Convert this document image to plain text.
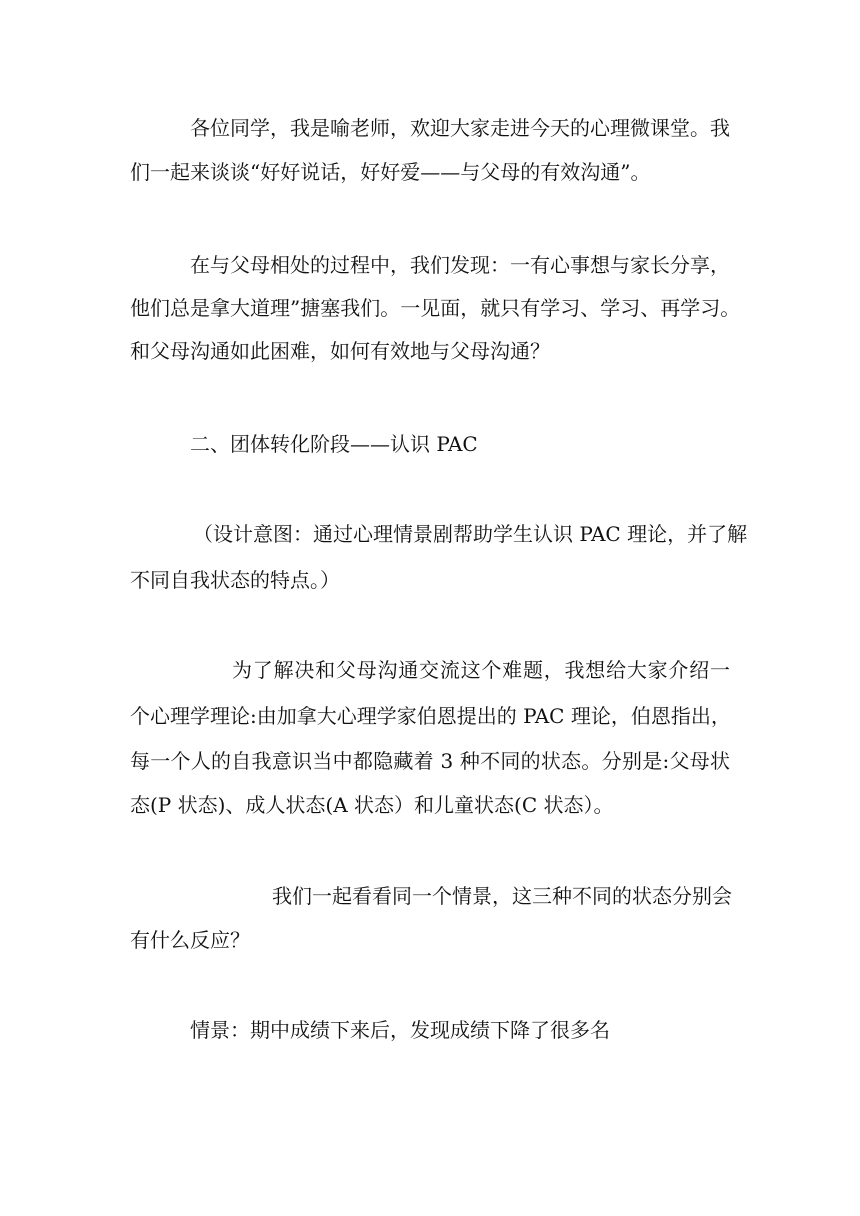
各位同学，我是喻老师，欢迎大家走进今天的心理微课堂。我
们一起来谈谈“好好说话，好好爱——与父母的有效沟通”。
在与父母相处的过程中，我们发现：一有心事想与家长分享，
他们总是拿大道理”搪塞我们。一见面，就只有学习、学习、再学习。
和父母沟通如此困难，如何有效地与父母沟通？
二、团体转化阶段——认识 PAC
（设计意图：通过心理情景剧帮助学生认识 PAC 理论，并了解
不同自我状态的特点。）
为了解决和父母沟通交流这个难题，我想给大家介绍一
个心理学理论:由加拿大心理学家伯恩提出的 PAC 理论，伯恩指出，
每一个人的自我意识当中都隐藏着 3 种不同的状态。分别是:父母状
态(P 状态)、成人状态(A 状态）和儿童状态(C 状态）。
我们一起看看同一个情景，这三种不同的状态分别会
有什么反应？
情景：期中成绩下来后，发现成绩下降了很多名
